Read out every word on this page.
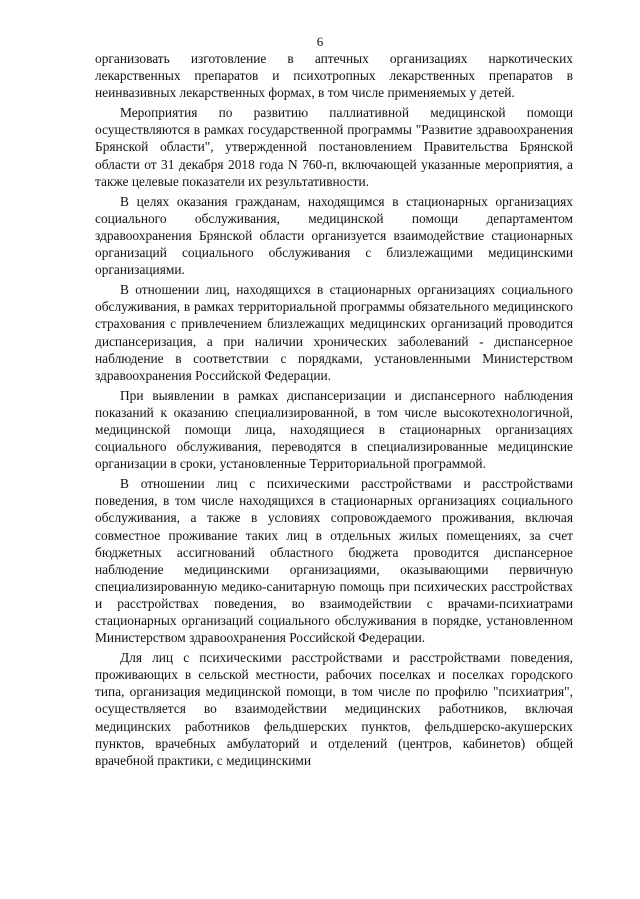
6

организовать изготовление в аптечных организациях наркотических лекарственных препаратов и психотропных лекарственных препаратов в неинвазивных лекарственных формах, в том числе применяемых у детей.

Мероприятия по развитию паллиативной медицинской помощи осуществляются в рамках государственной программы "Развитие здравоохранения Брянской области", утвержденной постановлением Правительства Брянской области от 31 декабря 2018 года N 760-п, включающей указанные мероприятия, а также целевые показатели их результативности.

В целях оказания гражданам, находящимся в стационарных организациях социального обслуживания, медицинской помощи департаментом здравоохранения Брянской области организуется взаимодействие стационарных организаций социального обслуживания с близлежащими медицинскими организациями.

В отношении лиц, находящихся в стационарных организациях социального обслуживания, в рамках территориальной программы обязательного медицинского страхования с привлечением близлежащих медицинских организаций проводится диспансеризация, а при наличии хронических заболеваний - диспансерное наблюдение в соответствии с порядками, установленными Министерством здравоохранения Российской Федерации.

При выявлении в рамках диспансеризации и диспансерного наблюдения показаний к оказанию специализированной, в том числе высокотехнологичной, медицинской помощи лица, находящиеся в стационарных организациях социального обслуживания, переводятся в специализированные медицинские организации в сроки, установленные Территориальной программой.

В отношении лиц с психическими расстройствами и расстройствами поведения, в том числе находящихся в стационарных организациях социального обслуживания, а также в условиях сопровождаемого проживания, включая совместное проживание таких лиц в отдельных жилых помещениях, за счет бюджетных ассигнований областного бюджета проводится диспансерное наблюдение медицинскими организациями, оказывающими первичную специализированную медико-санитарную помощь при психических расстройствах и расстройствах поведения, во взаимодействии с врачами-психиатрами стационарных организаций социального обслуживания в порядке, установленном Министерством здравоохранения Российской Федерации.

Для лиц с психическими расстройствами и расстройствами поведения, проживающих в сельской местности, рабочих поселках и поселках городского типа, организация медицинской помощи, в том числе по профилю "психиатрия", осуществляется во взаимодействии медицинских работников, включая медицинских работников фельдшерских пунктов, фельдшерско-акушерских пунктов, врачебных амбулаторий и отделений (центров, кабинетов) общей врачебной практики, с медицинскими
